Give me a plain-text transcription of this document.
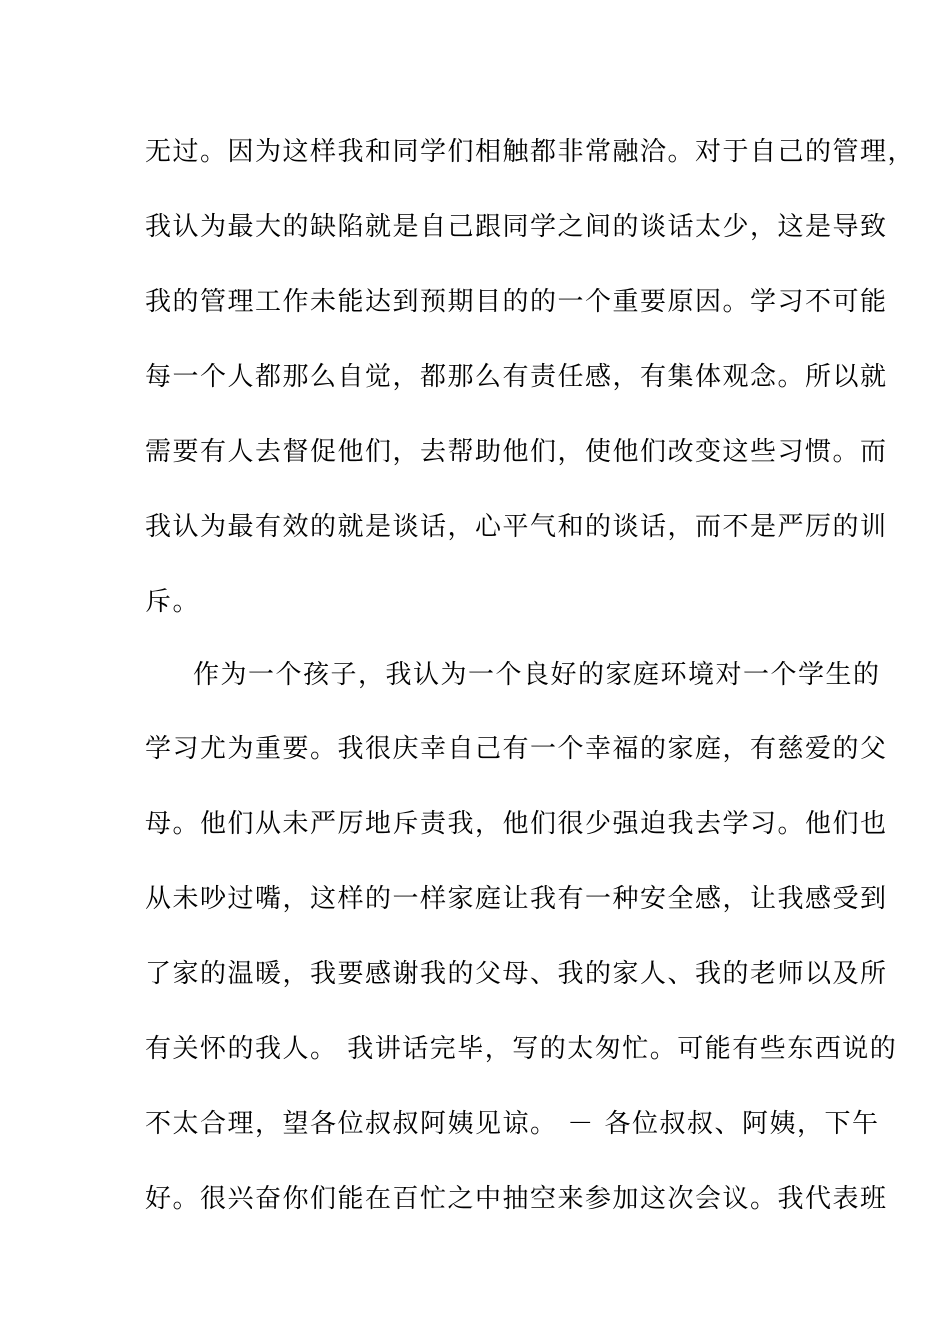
无过。因为这样我和同学们相触都非常融洽。对于自己的管理，
我认为最大的缺陷就是自己跟同学之间的谈话太少，这是导致
我的管理工作未能达到预期目的的一个重要原因。学习不可能
每一个人都那么自觉，都那么有责任感，有集体观念。所以就
需要有人去督促他们，去帮助他们，使他们改变这些习惯。而
我认为最有效的就是谈话，心平气和的谈话，而不是严厉的训
斥。
作为一个孩子，我认为一个良好的家庭环境对一个学生的
学习尤为重要。我很庆幸自己有一个幸福的家庭，有慈爱的父
母。他们从未严厉地斥责我，他们很少强迫我去学习。他们也
从未吵过嘴，这样的一样家庭让我有一种安全感，让我感受到
了家的温暖，我要感谢我的父母、我的家人、我的老师以及所
有关怀的我人。 我讲话完毕，写的太匆忙。可能有些东西说的
不太合理，望各位叔叔阿姨见谅。 － 各位叔叔、阿姨，下午
好。很兴奋你们能在百忙之中抽空来参加这次会议。我代表班
